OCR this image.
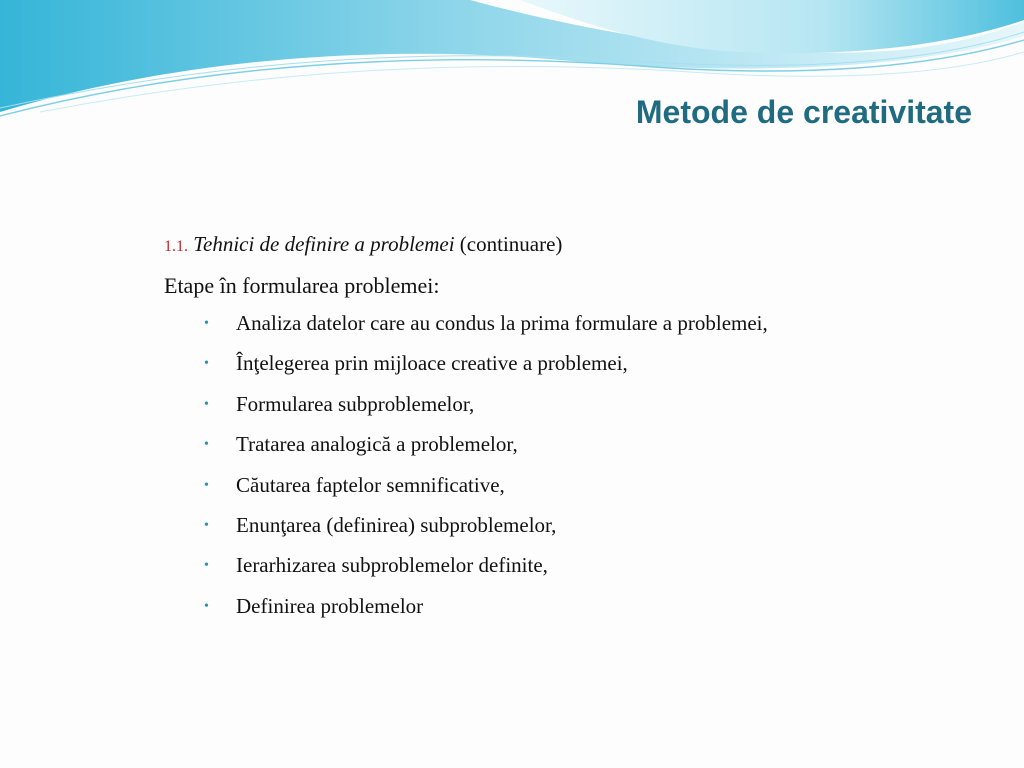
Metode de creativitate
1.1. Tehnici de definire a problemei (continuare)
Etape în formularea problemei:
•	Analiza datelor care au condus la prima formulare a problemei,
•	Înţelegerea prin mijloace creative a problemei,
•	Formularea subproblemelor,
•	Tratarea analogică a problemelor,
•	Căutarea faptelor semnificative,
•	Enunţarea (definirea) subproblemelor,
•	Ierarhizarea subproblemelor definite,
•	Definirea problemelor
